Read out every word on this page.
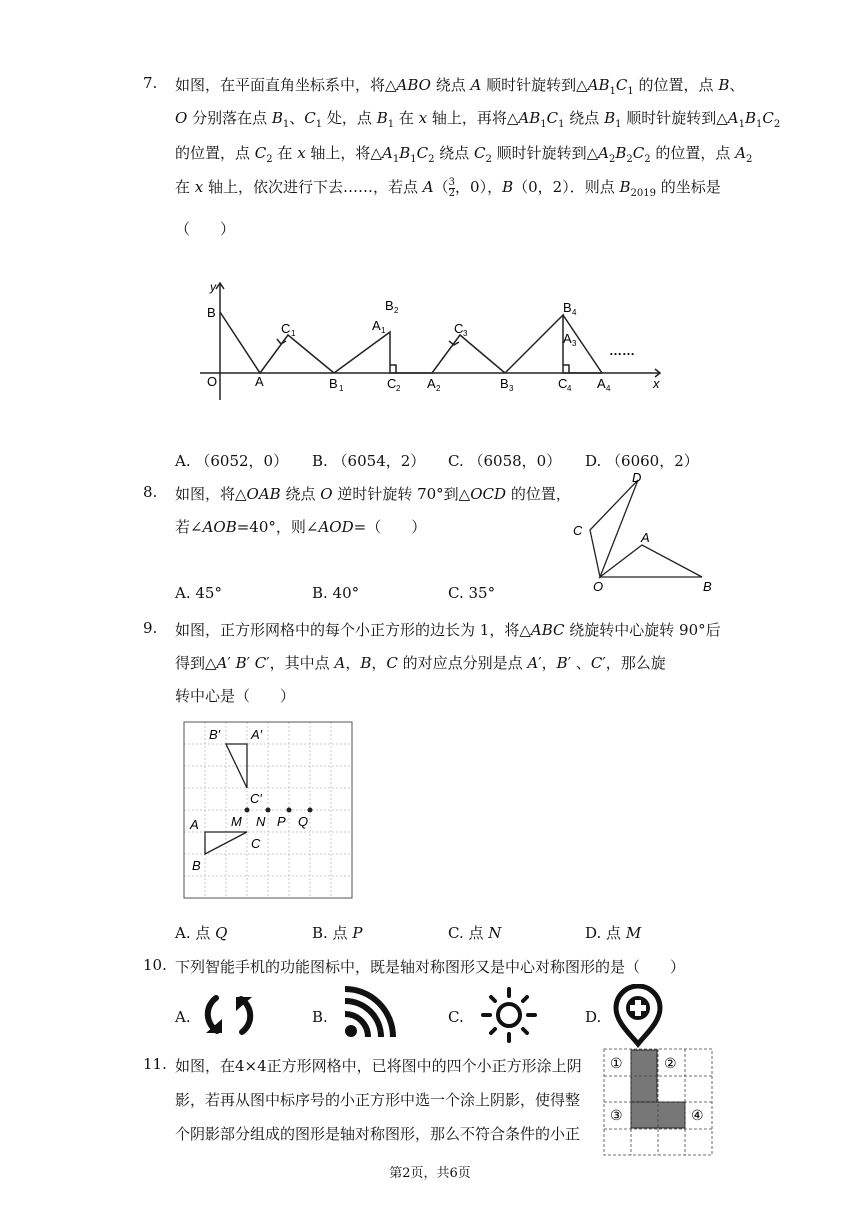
7. 如图，在平面直角坐标系中，将△ABO 绕点 A 顺时针旋转到$\triangle AB_1C_1$ 的位置，点 B、
O 分别落在点 $B_1$、$C_1$ 处，点 $B_1$ 在 x 轴上，再将$\triangle AB_1C_1$ 绕点 $B_1$ 顺时针旋转到$\triangle A_1B_1C_2$
的位置，点 $C_2$ 在 x 轴上，将$\triangle A_1B_1C_2$ 绕点 $C_2$ 顺时针旋转到$\triangle A_2B_2C_2$ 的位置，点 $A_2$
在 x 轴上，依次进行下去……，若点 $A( \frac{3}{2}$ ，0），B（0，2）．则点 $B_{2019}$ 的坐标是
（　　）
y
B
O	A
C 1
B 1
A 1
B 2
C 2 A 2
C 3
B 3
A 3
B 4
C 4 A 4
……
x
A. （6052，0） B. （6054，2） C. （6058，0） D. （6060，2）
8. 如图，将△OAB 绕点 O 逆时针旋转 70°到△OCD 的位置，
若∠AOB=40°，则∠AOD=（　　）
D
C	A
O	B
A. 45°	B. 40°	C. 35°
9. 如图，正方形网格中的每个小正方形的边长为 1，将△ABC 绕旋转中心旋转 90°后
得到△A′ B′ C′，其中点 A，B，C 的对应点分别是点 A′，B′ 、C′，那么旋
转中心是（　　）
B′ A′
C′
A M N P Q
C
B
A. 点 Q	B. 点 P	C. 点 N	D. 点 M
10. 下列智能手机的功能图标中，既是轴对称图形又是中心对称图形的是（　　）
A.	B.	C.	D.
11. 如图，在4×4正方形网格中，已将图中的四个小正方形涂上阴
影，若再从图中标序号的小正方形中选一个涂上阴影，使得整
个阴影部分组成的图形是轴对称图形，那么不符合条件的小正
①	②
③	④
第2页，共6页
